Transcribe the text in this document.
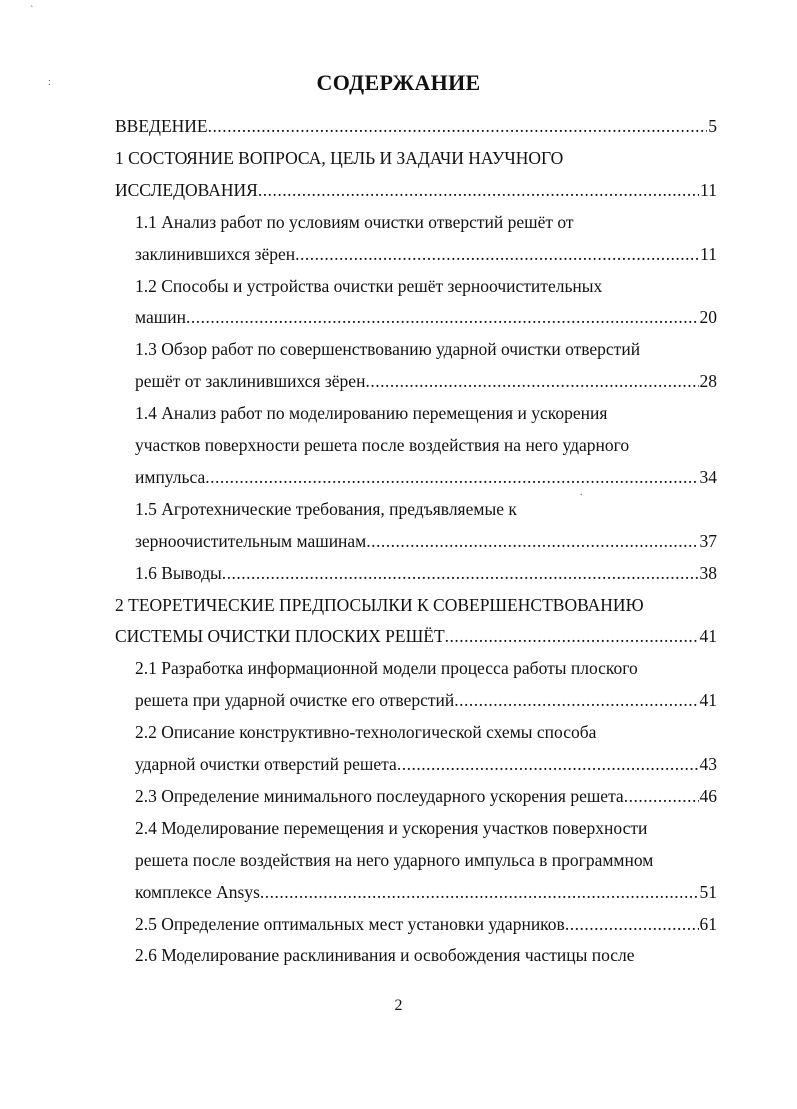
`
:
.
СОДЕРЖАНИЕ
ВВЕДЕНИЕ .....	5
1 СОСТОЯНИЕ ВОПРОСА, ЦЕЛЬ И ЗАДАЧИ НАУЧНОГО
ИССЛЕДОВАНИЯ .....	11
1.1 Анализ работ по условиям очистки отверстий решёт от
заклинившихся зёрен .....	11
1.2 Способы и устройства очистки решёт зерноочистительных
машин .....	20
1.3 Обзор работ по совершенствованию ударной очистки отверстий
решёт от заклинившихся зёрен .....	28
1.4 Анализ работ по моделированию перемещения и ускорения
участков поверхности решета после воздействия на него ударного
импульса .....	34
1.5 Агротехнические требования, предъявляемые к
зерноочистительным машинам .....	37
1.6 Выводы .....	38
2 ТЕОРЕТИЧЕСКИЕ ПРЕДПОСЫЛКИ К СОВЕРШЕНСТВОВАНИЮ
СИСТЕМЫ ОЧИСТКИ ПЛОСКИХ РЕШЁТ .....	41
2.1 Разработка информационной модели процесса работы плоского
решета при ударной очистке его отверстий .....	41
2.2 Описание конструктивно-технологической схемы способа
ударной очистки отверстий решета .....	43
2.3 Определение минимального послеударного ускорения решета .....	46
2.4 Моделирование перемещения и ускорения участков поверхности
решета после воздействия на него ударного импульса в программном
комплексе Ansys .....	51
2.5 Определение оптимальных мест установки ударников .....	61
2.6 Моделирование расклинивания и освобождения частицы после
2
